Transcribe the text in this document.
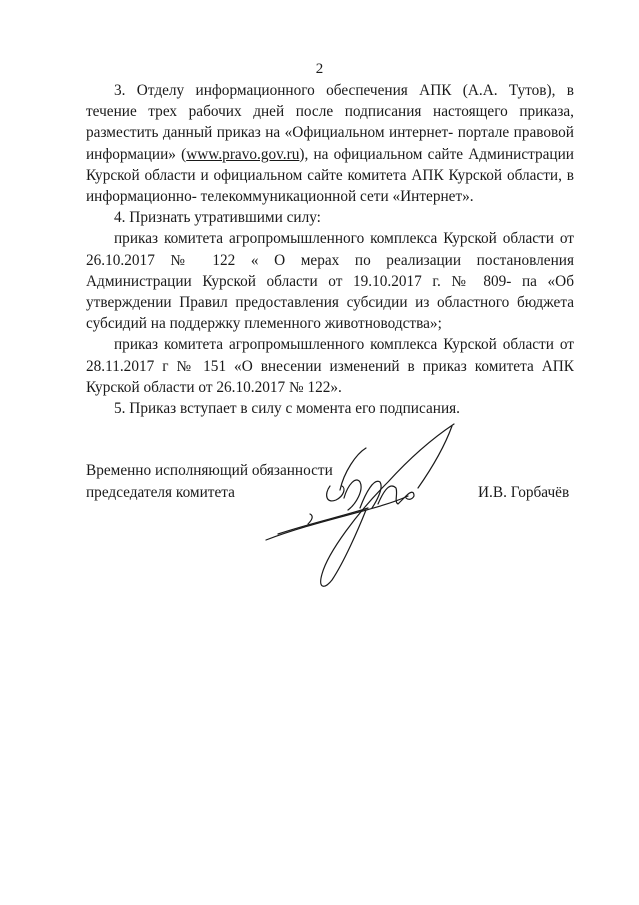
2

3. Отделу информационного обеспечения АПК (А.А. Тутов), в течение трех рабочих дней после подписания настоящего приказа, разместить данный приказ на «Официальном интернет- портале правовой информации» (www.pravo.gov.ru), на официальном сайте Администрации Курской области и официальном сайте комитета АПК Курской области, в информационно- телекоммуникационной сети «Интернет».

4. Признать утратившими силу:

приказ комитета агропромышленного комплекса Курской области от 26.10.2017 № 122 « О мерах по реализации постановления Администрации Курской области от 19.10.2017 г. № 809- па «Об утверждении Правил предоставления субсидии из областного бюджета субсидий на поддержку племенного животноводства»;

приказ комитета агропромышленного комплекса Курской области от 28.11.2017 г № 151 «О внесении изменений в приказ комитета АПК Курской области от 26.10.2017 № 122».

5. Приказ вступает в силу с момента его подписания.

Временно исполняющий обязанности
председателя комитета	И.В. Горбачёв
